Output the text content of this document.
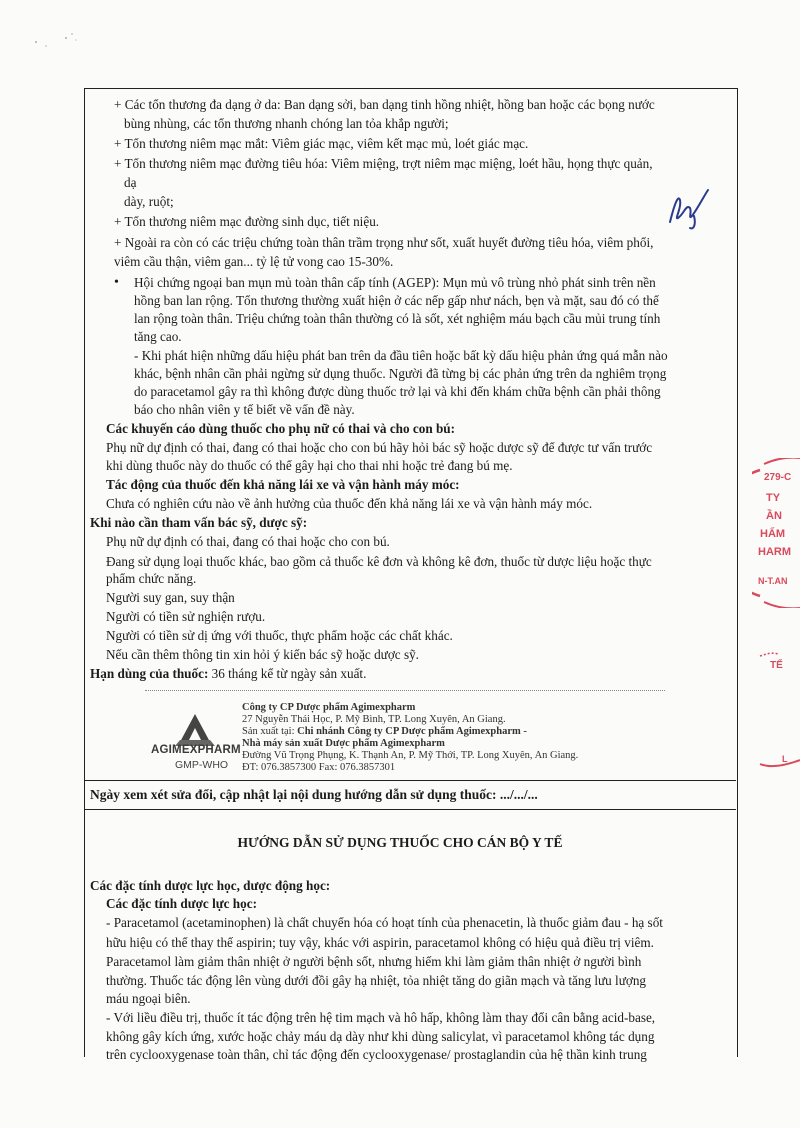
+ Các tổn thương đa dạng ở da: Ban dạng sởi, ban dạng tinh hồng nhiệt, hồng ban hoặc các bọng nước
bùng nhùng, các tổn thương nhanh chóng lan tỏa khắp người;
+ Tổn thương niêm mạc mắt: Viêm giác mạc, viêm kết mạc mủ, loét giác mạc.
+ Tổn thương niêm mạc đường tiêu hóa: Viêm miệng, trợt niêm mạc miệng, loét hầu, họng thực quản,
dạ
dày, ruột;
+ Tổn thương niêm mạc đường sinh dục, tiết niệu.
+ Ngoài ra còn có các triệu chứng toàn thân trầm trọng như sốt, xuất huyết đường tiêu hóa, viêm phổi,
viêm cầu thận, viêm gan... tỷ lệ tử vong cao 15-30%.
• Hội chứng ngoại ban mụn mủ toàn thân cấp tính (AGEP): Mụn mủ vô trùng nhỏ phát sinh trên nền
hồng ban lan rộng. Tổn thương thường xuất hiện ở các nếp gấp như nách, bẹn và mặt, sau đó có thể
lan rộng toàn thân. Triệu chứng toàn thân thường có là sốt, xét nghiệm máu bạch cầu mủi trung tính
tăng cao.
- Khi phát hiện những dấu hiệu phát ban trên da đầu tiên hoặc bất kỳ dấu hiệu phản ứng quá mẫn nào
khác, bệnh nhân cần phải ngừng sử dụng thuốc. Người đã từng bị các phản ứng trên da nghiêm trọng
do paracetamol gây ra thì không được dùng thuốc trở lại và khi đến khám chữa bệnh cần phải thông
báo cho nhân viên y tế biết về vấn đề này.
Các khuyến cáo dùng thuốc cho phụ nữ có thai và cho con bú:
Phụ nữ dự định có thai, đang có thai hoặc cho con bú hãy hỏi bác sỹ hoặc dược sỹ để được tư vấn trước
khi dùng thuốc này do thuốc có thể gây hại cho thai nhi hoặc trẻ đang bú mẹ.
Tác động của thuốc đến khả năng lái xe và vận hành máy móc:
Chưa có nghiên cứu nào về ảnh hưởng của thuốc đến khả năng lái xe và vận hành máy móc.
Khi nào cần tham vấn bác sỹ, dược sỹ:
Phụ nữ dự định có thai, đang có thai hoặc cho con bú.
Đang sử dụng loại thuốc khác, bao gồm cả thuốc kê đơn và không kê đơn, thuốc từ dược liệu hoặc thực
phẩm chức năng.
Người suy gan, suy thận
Người có tiền sử nghiện rượu.
Người có tiền sử dị ứng với thuốc, thực phẩm hoặc các chất khác.
Nếu cần thêm thông tin xin hỏi ý kiến bác sỹ hoặc dược sỹ.
Hạn dùng của thuốc: 36 tháng kể từ ngày sản xuất.
AGIMEXPHARM
GMP-WHO
Công ty CP Dược phẩm Agimexpharm
27 Nguyễn Thái Học, P. Mỹ Bình, TP. Long Xuyên, An Giang.
Sản xuất tại: Chi nhánh Công ty CP Dược phẩm Agimexpharm -
Nhà máy sản xuất Dược phẩm Agimexpharm
Đường Vũ Trọng Phụng, K. Thạnh An, P. Mỹ Thới, TP. Long Xuyên, An Giang.
ĐT: 076.3857300 Fax: 076.3857301
Ngày xem xét sửa đổi, cập nhật lại nội dung hướng dẫn sử dụng thuốc: .../.../...
HƯỚNG DẪN SỬ DỤNG THUỐC CHO CÁN BỘ Y TẾ
Các đặc tính dược lực học, dược động học:
Các đặc tính dược lực học:
- Paracetamol (acetaminophen) là chất chuyển hóa có hoạt tính của phenacetin, là thuốc giảm đau - hạ sốt
hữu hiệu có thể thay thế aspirin; tuy vậy, khác với aspirin, paracetamol không có hiệu quả điều trị viêm.
Paracetamol làm giảm thân nhiệt ở người bệnh sốt, nhưng hiếm khi làm giảm thân nhiệt ở người bình
thường. Thuốc tác động lên vùng dưới đồi gây hạ nhiệt, tỏa nhiệt tăng do giãn mạch và tăng lưu lượng
máu ngoại biên.
- Với liều điều trị, thuốc ít tác động trên hệ tim mạch và hô hấp, không làm thay đổi cân bằng acid-base,
không gây kích ứng, xước hoặc chảy máu dạ dày như khi dùng salicylat, vì paracetamol không tác dụng
trên cyclooxygenase toàn thân, chỉ tác động đến cyclooxygenase/ prostaglandin của hệ thần kinh trung
279-C
TY
ẦN
HẨM
HARM
N-T.AN
TẾ
L
